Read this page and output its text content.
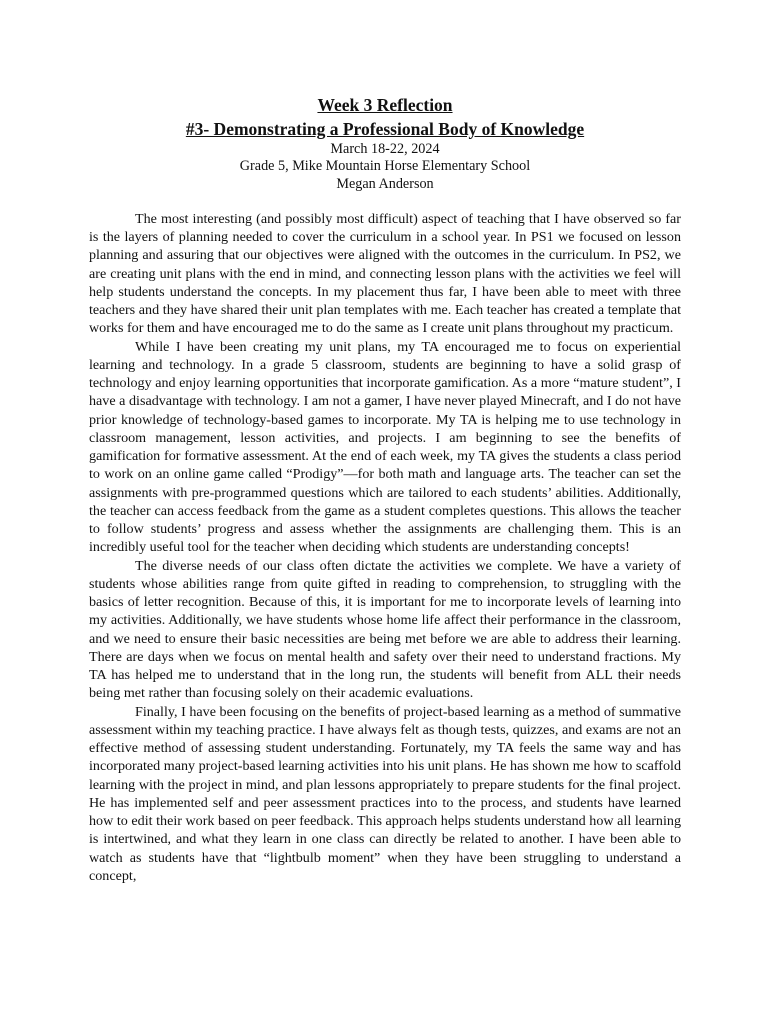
Week 3 Reflection
#3- Demonstrating a Professional Body of Knowledge
March 18-22, 2024
Grade 5, Mike Mountain Horse Elementary School
Megan Anderson

The most interesting (and possibly most difficult) aspect of teaching that I have observed so far is the layers of planning needed to cover the curriculum in a school year. In PS1 we focused on lesson planning and assuring that our objectives were aligned with the outcomes in the curriculum. In PS2, we are creating unit plans with the end in mind, and connecting lesson plans with the activities we feel will help students understand the concepts. In my placement thus far, I have been able to meet with three teachers and they have shared their unit plan templates with me. Each teacher has created a template that works for them and have encouraged me to do the same as I create unit plans throughout my practicum.

While I have been creating my unit plans, my TA encouraged me to focus on experiential learning and technology. In a grade 5 classroom, students are beginning to have a solid grasp of technology and enjoy learning opportunities that incorporate gamification. As a more “mature student”, I have a disadvantage with technology. I am not a gamer, I have never played Minecraft, and I do not have prior knowledge of technology-based games to incorporate. My TA is helping me to use technology in classroom management, lesson activities, and projects. I am beginning to see the benefits of gamification for formative assessment. At the end of each week, my TA gives the students a class period to work on an online game called “Prodigy”—for both math and language arts. The teacher can set the assignments with pre-programmed questions which are tailored to each students’ abilities. Additionally, the teacher can access feedback from the game as a student completes questions. This allows the teacher to follow students’ progress and assess whether the assignments are challenging them. This is an incredibly useful tool for the teacher when deciding which students are understanding concepts!

The diverse needs of our class often dictate the activities we complete. We have a variety of students whose abilities range from quite gifted in reading to comprehension, to struggling with the basics of letter recognition. Because of this, it is important for me to incorporate levels of learning into my activities. Additionally, we have students whose home life affect their performance in the classroom, and we need to ensure their basic necessities are being met before we are able to address their learning. There are days when we focus on mental health and safety over their need to understand fractions. My TA has helped me to understand that in the long run, the students will benefit from ALL their needs being met rather than focusing solely on their academic evaluations.

Finally, I have been focusing on the benefits of project-based learning as a method of summative assessment within my teaching practice. I have always felt as though tests, quizzes, and exams are not an effective method of assessing student understanding. Fortunately, my TA feels the same way and has incorporated many project-based learning activities into his unit plans. He has shown me how to scaffold learning with the project in mind, and plan lessons appropriately to prepare students for the final project. He has implemented self and peer assessment practices into to the process, and students have learned how to edit their work based on peer feedback. This approach helps students understand how all learning is intertwined, and what they learn in one class can directly be related to another. I have been able to watch as students have that “lightbulb moment” when they have been struggling to understand a concept,
